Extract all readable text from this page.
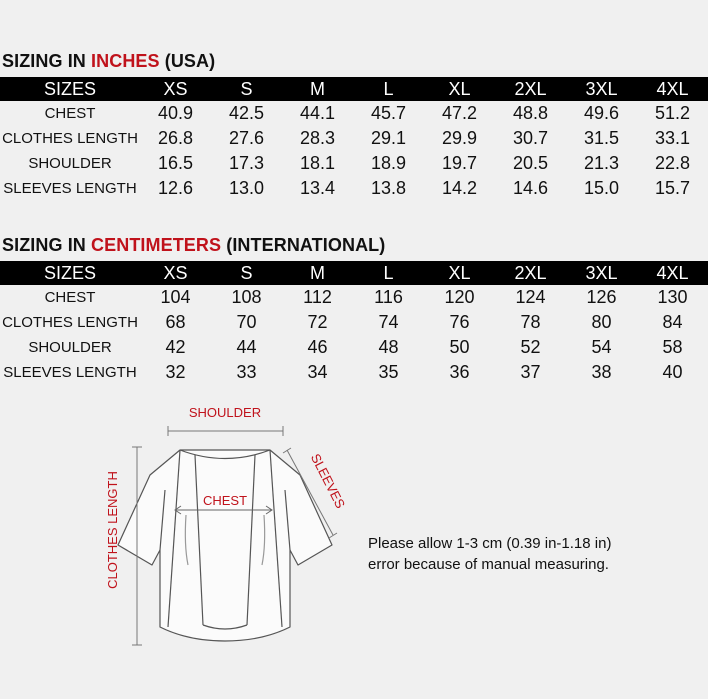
SIZING IN INCHES (USA)
SIZES	XS	S	M	L	XL	2XL	3XL	4XL
CHEST	40.9	42.5	44.1	45.7	47.2	48.8	49.6	51.2
CLOTHES LENGTH	26.8	27.6	28.3	29.1	29.9	30.7	31.5	33.1
SHOULDER	16.5	17.3	18.1	18.9	19.7	20.5	21.3	22.8
SLEEVES LENGTH	12.6	13.0	13.4	13.8	14.2	14.6	15.0	15.7
SIZING IN CENTIMETERS (INTERNATIONAL)
SIZES	XS	S	M	L	XL	2XL	3XL	4XL
CHEST	104	108	112	116	120	124	126	130
CLOTHES LENGTH	68	70	72	74	76	78	80	84
SHOULDER	42	44	46	48	50	52	54	58
SLEEVES LENGTH	32	33	34	35	36	37	38	40
SHOULDER
CHEST	SLEEVES
CLOTHES LENGTH	Please allow 1-3 cm (0.39 in-1.18 in)
error because of manual measuring.
